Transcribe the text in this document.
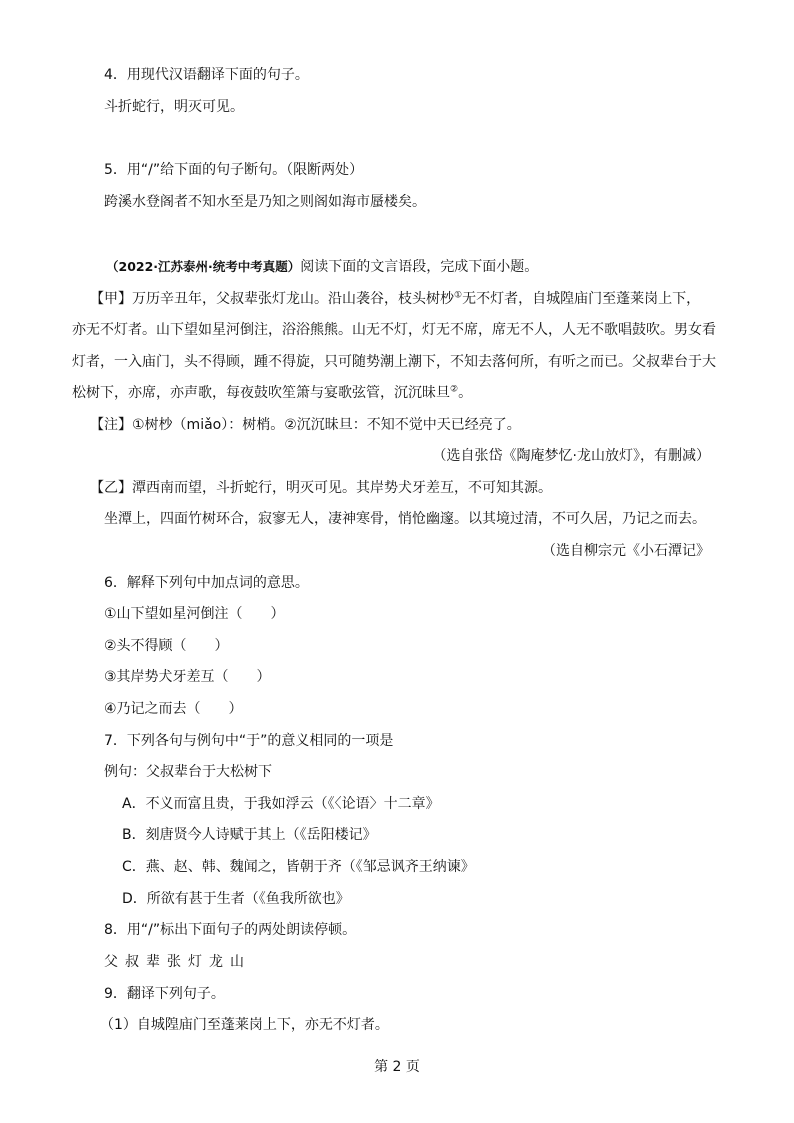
4．用现代汉语翻译下面的句子。
斗折蛇行，明灭可见。
5．用“/”给下面的句子断句。（限断两处）
跨溪水登阁者不知水至是乃知之则阁如海市蜃楼矣。
（2022·江苏泰州·统考中考真题）阅读下面的文言语段，完成下面小题。
【甲】万历辛丑年，父叔辈张灯龙山。沿山袭谷，枝头树杪①无不灯者，自城隍庙门至蓬莱岗上下，
亦无不灯者。山下望如星河倒注，浴浴熊熊。山无不灯，灯无不席，席无不人，人无不歌唱鼓吹。男女看
灯者，一入庙门，头不得顾，踵不得旋，只可随势潮上潮下，不知去落何所，有听之而已。父叔辈台于大
松树下，亦席，亦声歌，每夜鼓吹笙箫与宴歌弦管，沉沉昧旦②。
【注】①树杪（miǎo）：树梢。②沉沉昧旦：不知不觉中天已经亮了。
（选自张岱《陶庵梦忆·龙山放灯》，有删减）
【乙】潭西南而望，斗折蛇行，明灭可见。其岸势犬牙差互，不可知其源。
坐潭上，四面竹树环合，寂寥无人，凄神寒骨，悄怆幽邃。以其境过清，不可久居，乃记之而去。
（选自柳宗元《小石潭记》
6．解释下列句中加点词的意思。
①山下望如星河倒注（　　）
②头不得顾（　　）
③其岸势犬牙差互（　　）
④乃记之而去（　　）
7．下列各句与例句中“于”的意义相同的一项是
例句：父叔辈台于大松树下
A．不义而富且贵，于我如浮云（《〈论语〉十二章》
B．刻唐贤今人诗赋于其上（《岳阳楼记》
C．燕、赵、韩、魏闻之，皆朝于齐（《邹忌讽齐王纳谏》
D．所欲有甚于生者（《鱼我所欲也》
8．用“/”标出下面句子的两处朗读停顿。
父叔辈张灯龙山
9．翻译下列句子。
（1）自城隍庙门至蓬莱岗上下，亦无不灯者。
第 2 页
